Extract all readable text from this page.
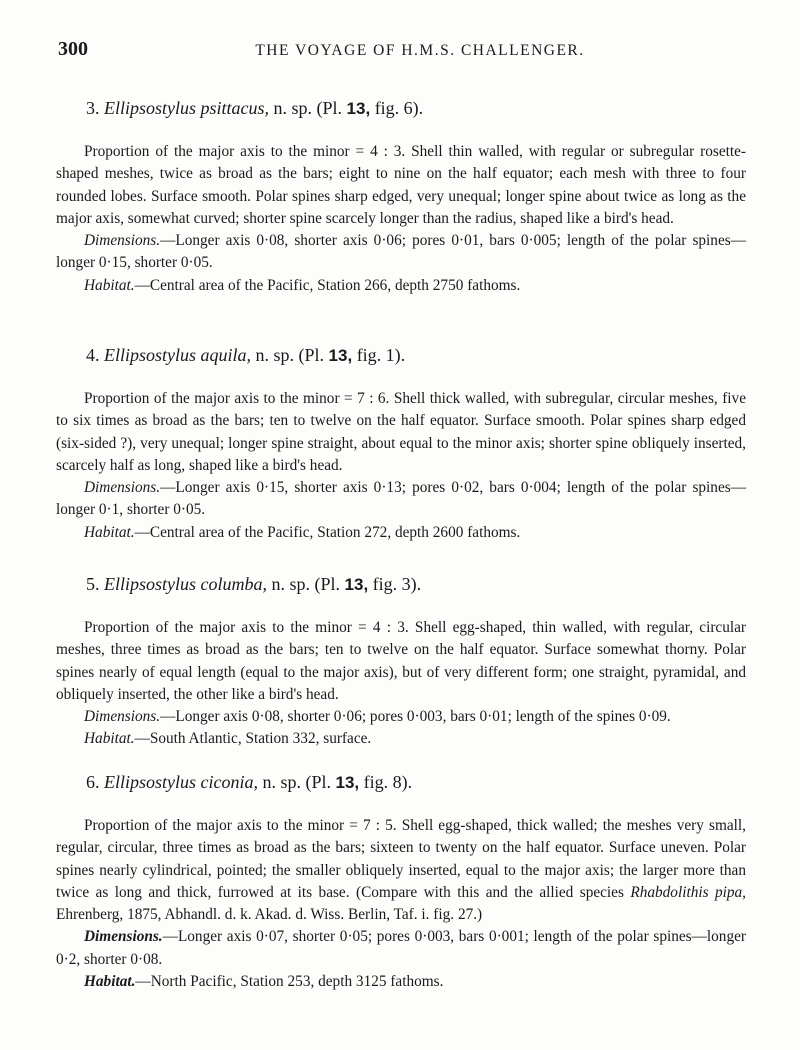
300	THE VOYAGE OF H.M.S. CHALLENGER.
3. Ellipsostylus psittacus, n. sp. (Pl. 13, fig. 6).

Proportion of the major axis to the minor = 4 : 3. Shell thin walled, with regular or subregular rosette-shaped meshes, twice as broad as the bars; eight to nine on the half equator; each mesh with three to four rounded lobes. Surface smooth. Polar spines sharp edged, very unequal; longer spine about twice as long as the major axis, somewhat curved; shorter spine scarcely longer than the radius, shaped like a bird's head.

Dimensions.—Longer axis 0·08, shorter axis 0·06; pores 0·01, bars 0·005; length of the polar spines—longer 0·15, shorter 0·05.

Habitat.—Central area of the Pacific, Station 266, depth 2750 fathoms.

4. Ellipsostylus aquila, n. sp. (Pl. 13, fig. 1).

Proportion of the major axis to the minor = 7 : 6. Shell thick walled, with subregular, circular meshes, five to six times as broad as the bars; ten to twelve on the half equator. Surface smooth. Polar spines sharp edged (six-sided ?), very unequal; longer spine straight, about equal to the minor axis; shorter spine obliquely inserted, scarcely half as long, shaped like a bird's head.

Dimensions.—Longer axis 0·15, shorter axis 0·13; pores 0·02, bars 0·004; length of the polar spines—longer 0·1, shorter 0·05.

Habitat.—Central area of the Pacific, Station 272, depth 2600 fathoms.

5. Ellipsostylus columba, n. sp. (Pl. 13, fig. 3).

Proportion of the major axis to the minor = 4 : 3. Shell egg-shaped, thin walled, with regular, circular meshes, three times as broad as the bars; ten to twelve on the half equator. Surface somewhat thorny. Polar spines nearly of equal length (equal to the major axis), but of very different form; one straight, pyramidal, and obliquely inserted, the other like a bird's head.

Dimensions.—Longer axis 0·08, shorter 0·06; pores 0·003, bars 0·01; length of the spines 0·09.

Habitat.—South Atlantic, Station 332, surface.

6. Ellipsostylus ciconia, n. sp. (Pl. 13, fig. 8).

Proportion of the major axis to the minor = 7 : 5. Shell egg-shaped, thick walled; the meshes very small, regular, circular, three times as broad as the bars; sixteen to twenty on the half equator. Surface uneven. Polar spines nearly cylindrical, pointed; the smaller obliquely inserted, equal to the major axis; the larger more than twice as long and thick, furrowed at its base. (Compare with this and the allied species Rhabdolithis pipa, Ehrenberg, 1875, Abhandl. d. k. Akad. d. Wiss. Berlin, Taf. i. fig. 27.)

Dimensions.—Longer axis 0·07, shorter 0·05; pores 0·003, bars 0·001; length of the polar spines—longer 0·2, shorter 0·08.

Habitat.—North Pacific, Station 253, depth 3125 fathoms.
